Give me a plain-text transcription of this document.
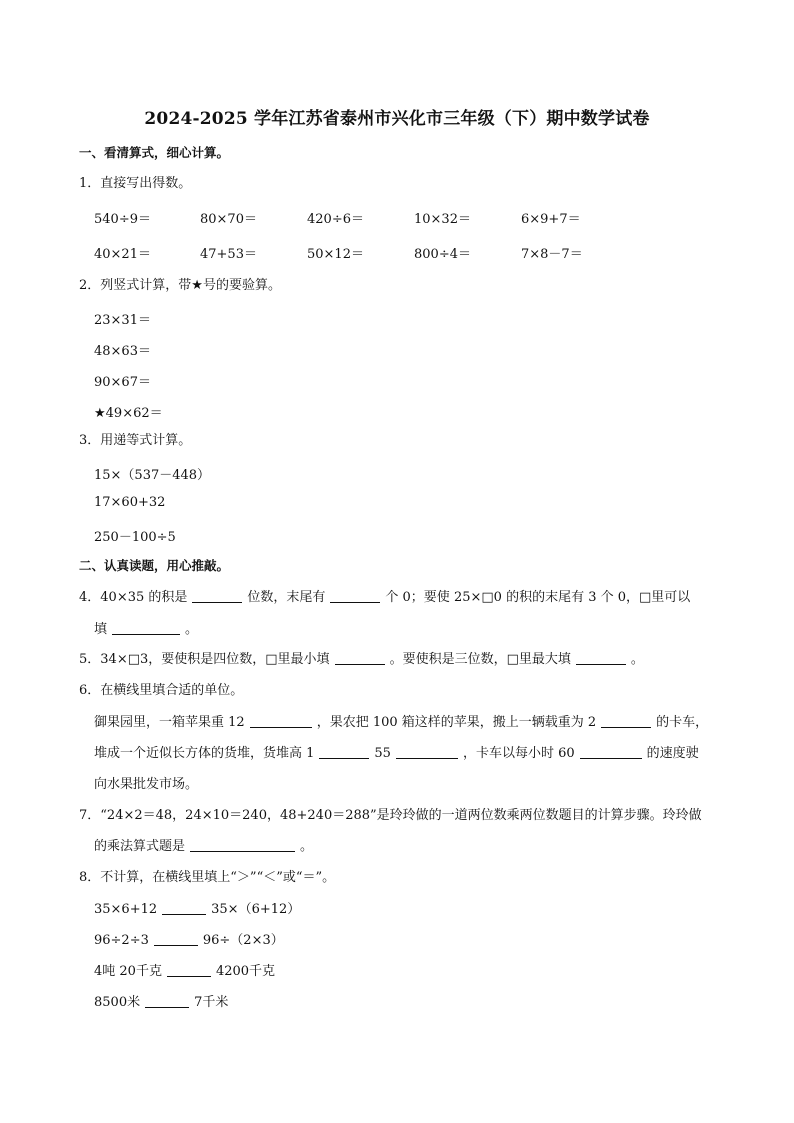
2024-2025 学年江苏省泰州市兴化市三年级（下）期中数学试卷
一、看清算式，细心计算。
1．直接写出得数。
540÷9＝	80×70＝	420÷6＝	10×32＝	6×9+7＝
40×21＝	47+53＝	50×12＝	800÷4＝	7×8－7＝
2．列竖式计算，带★号的要验算。
23×31＝
48×63＝
90×67＝
★49×62＝
3．用递等式计算。
15×（537－448）
17×60+32
250－100÷5
二、认真读题，用心推敲。
4．40×35 的积是	位数，末尾有	个 0；要使 25×□0 的积的末尾有 3 个 0，□里可以
填	。
5．34×□3，要使积是四位数，□里最小填	。要使积是三位数，□里最大填	。
6．在横线里填合适的单位。
御果园里，一箱苹果重 12	，果农把 100 箱这样的苹果，搬上一辆载重为 2	的卡车，
堆成一个近似长方体的货堆，货堆高 1	55	，卡车以每小时 60	的速度驶
向水果批发市场。
7．“24×2＝48，24×10＝240，48+240＝288”是玲玲做的一道两位数乘两位数题目的计算步骤。玲玲做
的乘法算式题是	。
8．不计算，在横线里填上“＞”“＜”或“＝”。
35×6+12	35×（6+12）
96÷2÷3	96÷（2×3）
4吨 20千克	4200千克
8500米	7千米
